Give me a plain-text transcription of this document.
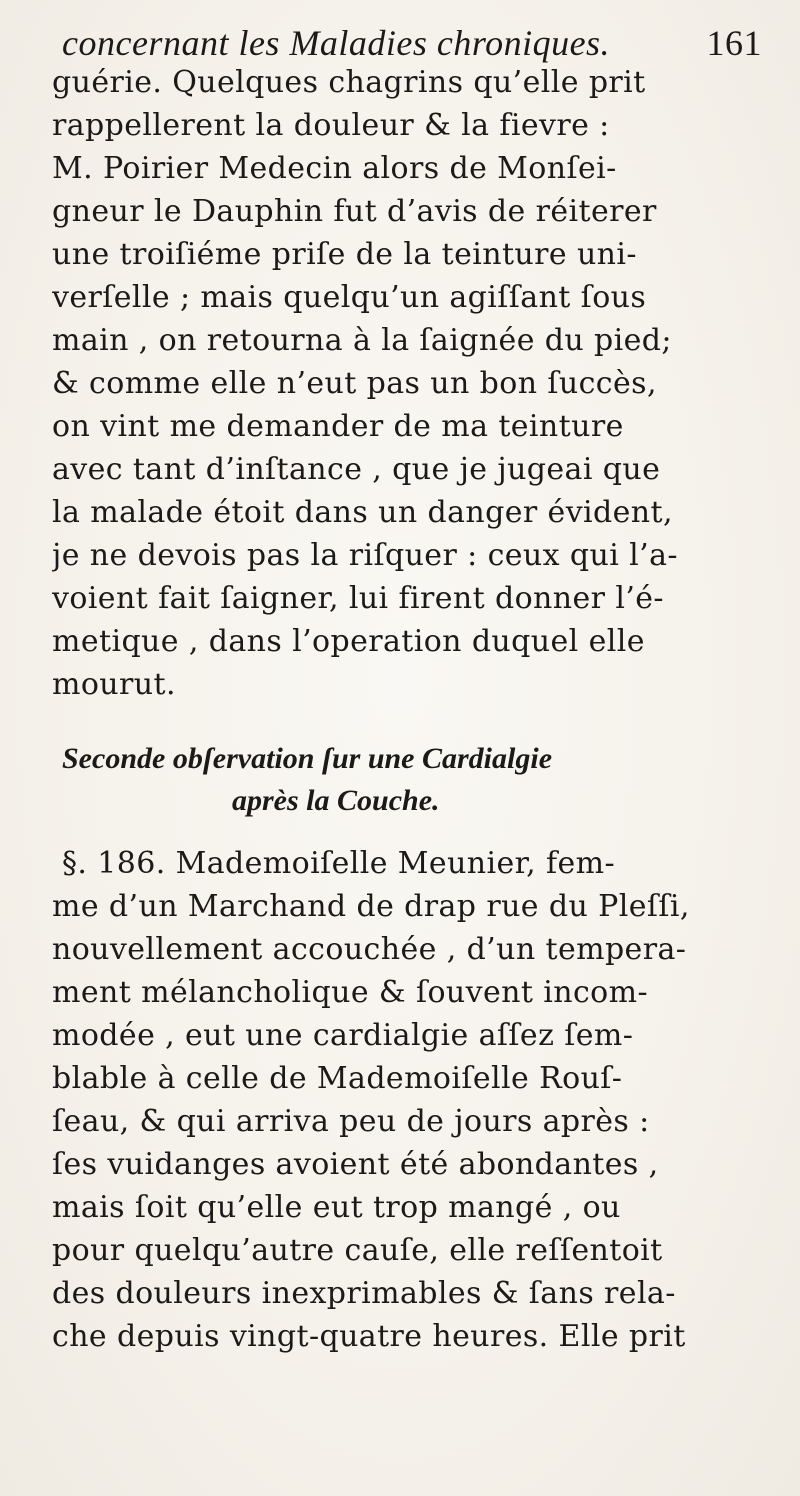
concernant les Maladies chroniques.	161
guérie. Quelques chagrins qu’elle prit
rappellerent la douleur & la fievre :
M. Poirier Medecin alors de Monſei-
gneur le Dauphin fut d’avis de réiterer
une troiſiéme priſe de la teinture uni-
verſelle ; mais quelqu’un agiſſant ſous
main , on retourna à la ſaignée du pied;
& comme elle n’eut pas un bon ſuccès,
on vint me demander de ma teinture
avec tant d’inſtance , que je jugeai que
la malade étoit dans un danger évident,
je ne devois pas la riſquer : ceux qui l’a-
voient fait ſaigner, lui firent donner l’é-
metique , dans l’operation duquel elle
mourut.
Seconde obſervation ſur une Cardialgie
après la Couche.
§. 186. Mademoiſelle Meunier, fem-
me d’un Marchand de drap rue du Pleſſi,
nouvellement accouchée , d’un tempera-
ment mélancholique & ſouvent incom-
modée , eut une cardialgie aſſez ſem-
blable à celle de Mademoiſelle Rouſ-
ſeau, & qui arriva peu de jours après :
ſes vuidanges avoient été abondantes ,
mais ſoit qu’elle eut trop mangé , ou
pour quelqu’autre cauſe, elle reſſentoit
des douleurs inexprimables & ſans rela-
che depuis vingt-quatre heures. Elle prit
